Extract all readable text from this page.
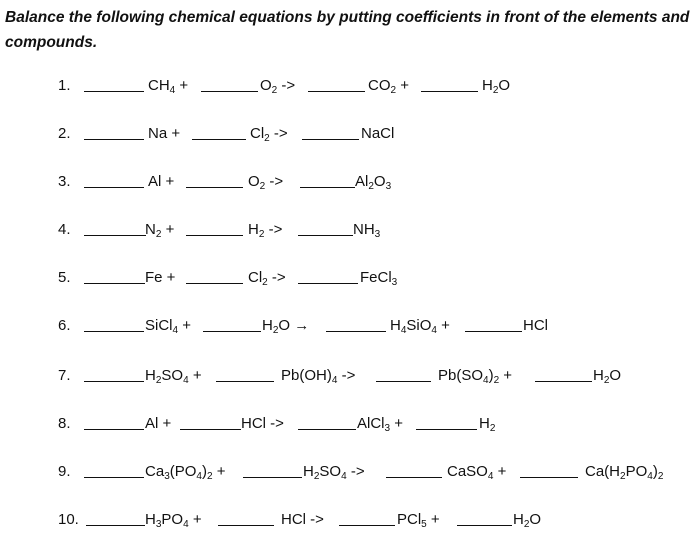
Balance the following chemical equations by putting coefficients in front of the elements and compounds.
1.	$CH_4$ +	$O_2$ ->	$CO_2$ +	$H_2O$
2.	Na +	$Cl_2$ ->	NaCl
3.	Al +	$O_2$ ->	$Al_2O_3$
4.	$N_2$ +	$H_2$ ->	$NH_3$
5.	Fe +	$Cl_2$ ->	FeCl$_3$
6.	SiCl$_4$ +	$H_2O$ →	$H_4SiO_4$ +	HCl
7.	$H_2SO_4$ +	$Pb(OH)_4$ ->	$Pb(SO_4)_2$ +	$H_2O$
8.	Al +	HCl ->	AlCl$_3$ +	$H_2$
9.	$Ca_3(PO_4)_2$ +	$H_2SO_4$ ->	CaSO$_4$ +	$Ca(H_2PO_4)_2$
10.	$H_3PO_4$ +	HCl ->	PCl$_5$ +	$H_2O$
